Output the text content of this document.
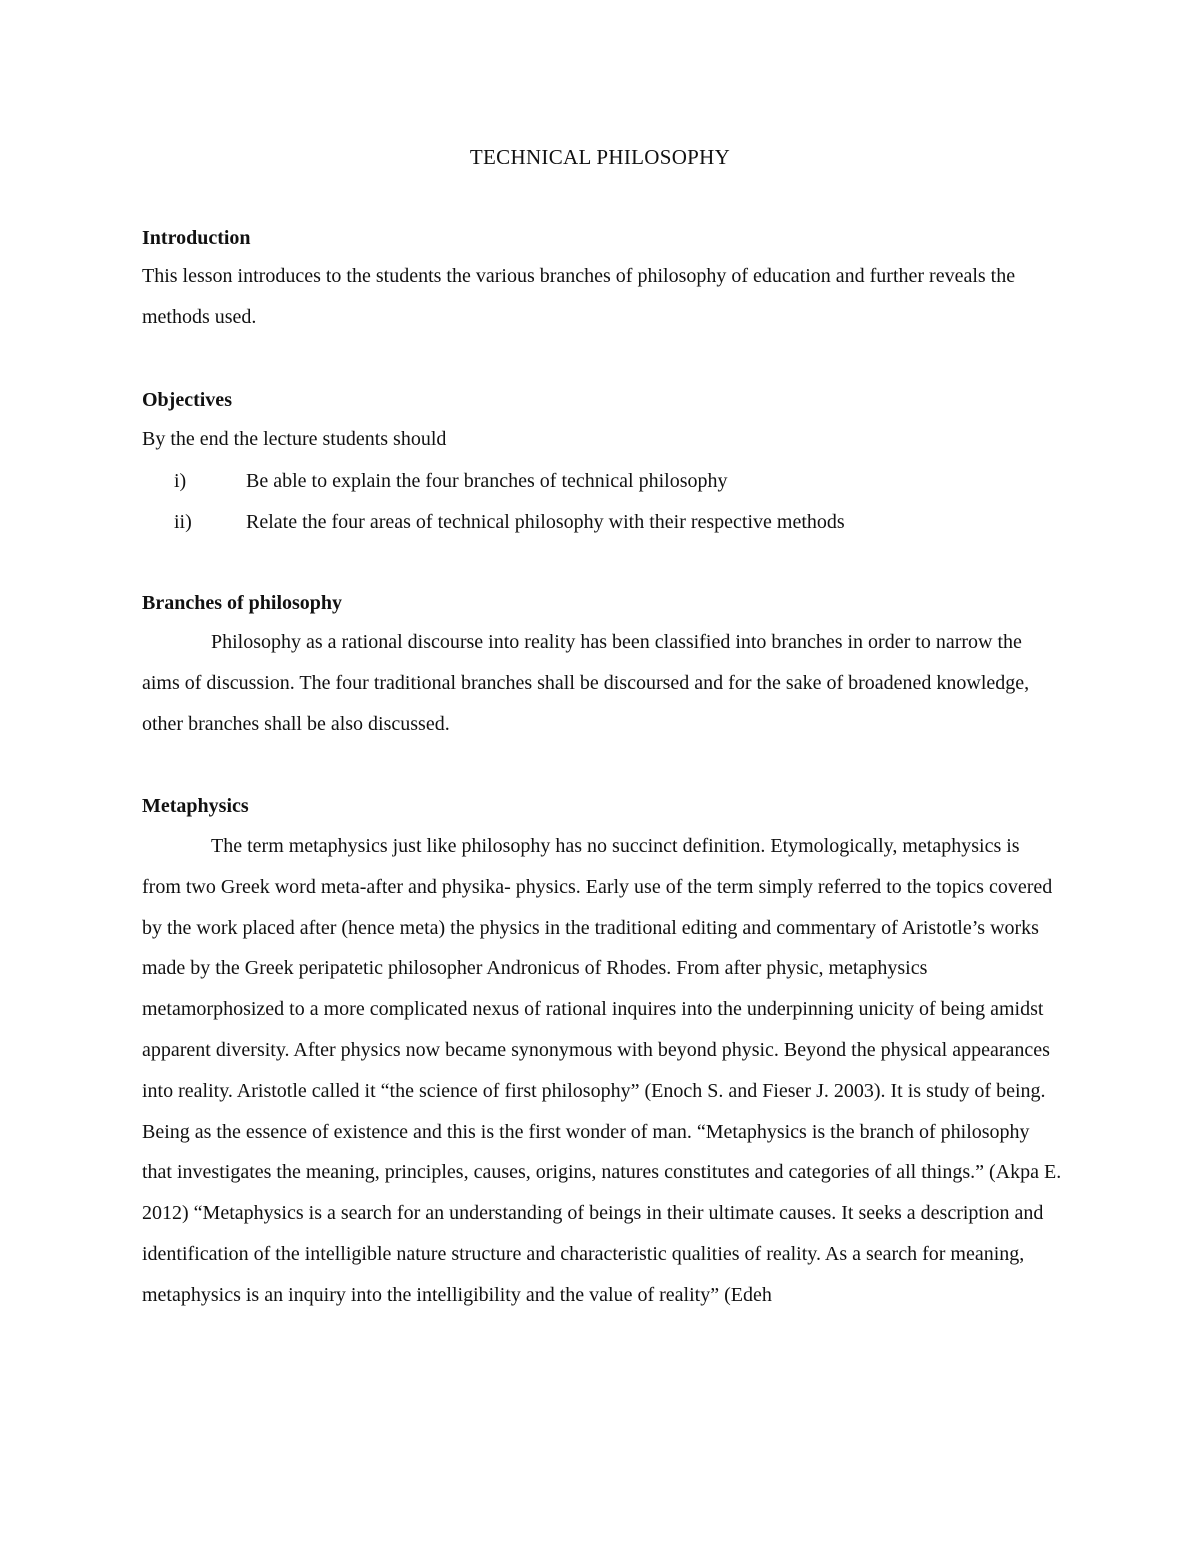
TECHNICAL PHILOSOPHY
Introduction

This lesson introduces to the students the various branches of philosophy of education and further reveals the methods used.

Objectives
By the end the lecture students should
i)	Be able to explain the four branches of technical philosophy
ii)	Relate the four areas of technical philosophy with their respective methods
Branches of philosophy

Philosophy as a rational discourse into reality has been classified into branches in order to narrow the aims of discussion. The four traditional branches shall be discoursed and for the sake of broadened knowledge, other branches shall be also discussed.

Metaphysics

The term metaphysics just like philosophy has no succinct definition. Etymologically, metaphysics is from two Greek word meta-after and physika- physics. Early use of the term simply referred to the topics covered by the work placed after (hence meta) the physics in the traditional editing and commentary of Aristotle’s works made by the Greek peripatetic philosopher Andronicus of Rhodes. From after physic, metaphysics metamorphosized to a more complicated nexus of rational inquires into the underpinning unicity of being amidst apparent diversity. After physics now became synonymous with beyond physic. Beyond the physical appearances into reality. Aristotle called it “the science of first philosophy” (Enoch S. and Fieser J. 2003). It is study of being. Being as the essence of existence and this is the first wonder of man. “Metaphysics is the branch of philosophy that investigates the meaning, principles, causes, origins, natures constitutes and categories of all things.” (Akpa E. 2012) “Metaphysics is a search for an understanding of beings in their ultimate causes. It seeks a description and identification of the intelligible nature structure and characteristic qualities of reality. As a search for meaning, metaphysics is an inquiry into the intelligibility and the value of reality” (Edeh
